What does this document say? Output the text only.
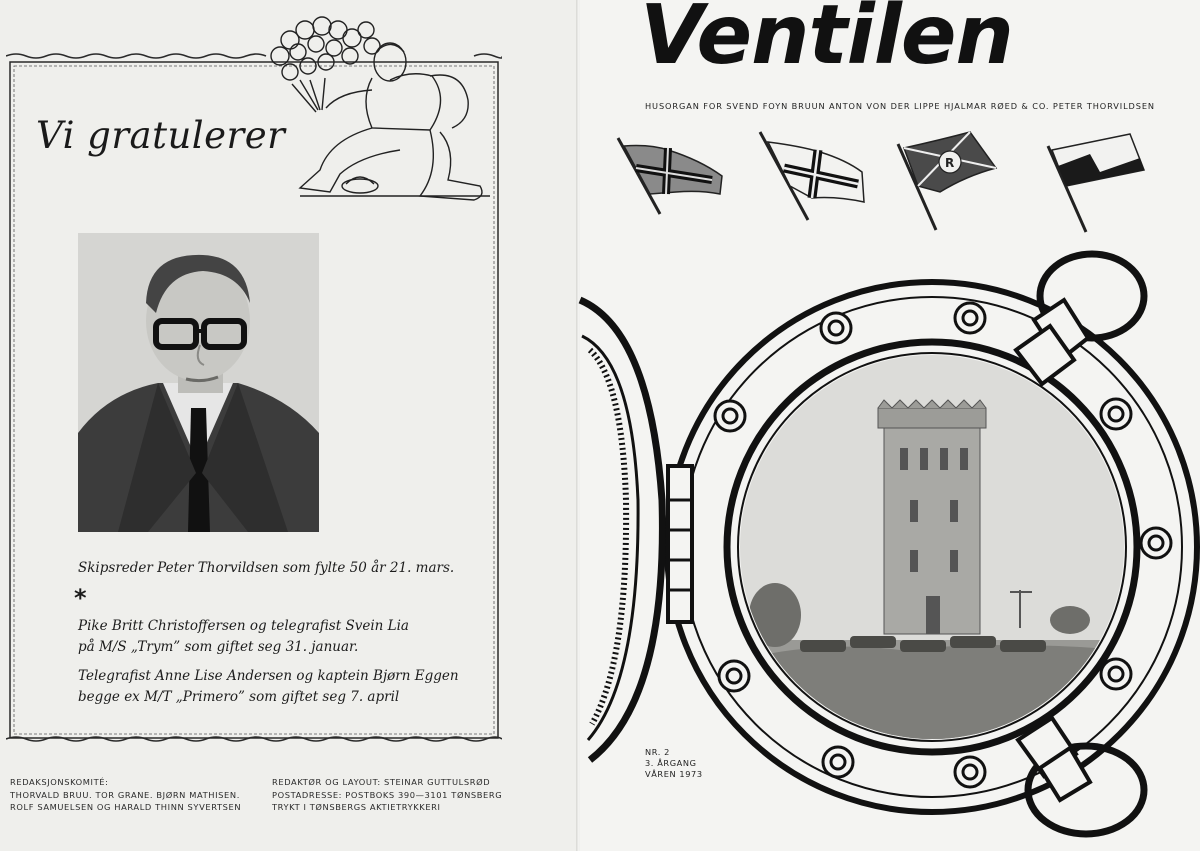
Vi gratulerer
Skipsreder Peter Thorvildsen som fylte 50 år 21. mars.
*
Pike Britt Christoffersen og telegrafist Svein Lia
på M/S „Trym” som giftet seg 31. januar.
Telegrafist Anne Lise Andersen og kaptein Bjørn Eggen
begge ex M/T „Primero” som giftet seg 7. april
REDAKSJONSKOMITÉ:
THORVALD BRUU. TOR GRANE. BJØRN MATHISEN.
ROLF SAMUELSEN OG HARALD THINN SYVERTSEN
REDAKTØR OG LAYOUT: STEINAR GUTTULSRØD
POSTADRESSE: POSTBOKS 390—3101 TØNSBERG
TRYKT I TØNSBERGS AKTIETRYKKERI
Ventilen
HUSORGAN FOR SVEND FOYN BRUUN ANTON VON DER LIPPE HJALMAR RØED & CO. PETER THORVILDSEN
R
NR. 2
3. ÅRGANG
VÅREN 1973
